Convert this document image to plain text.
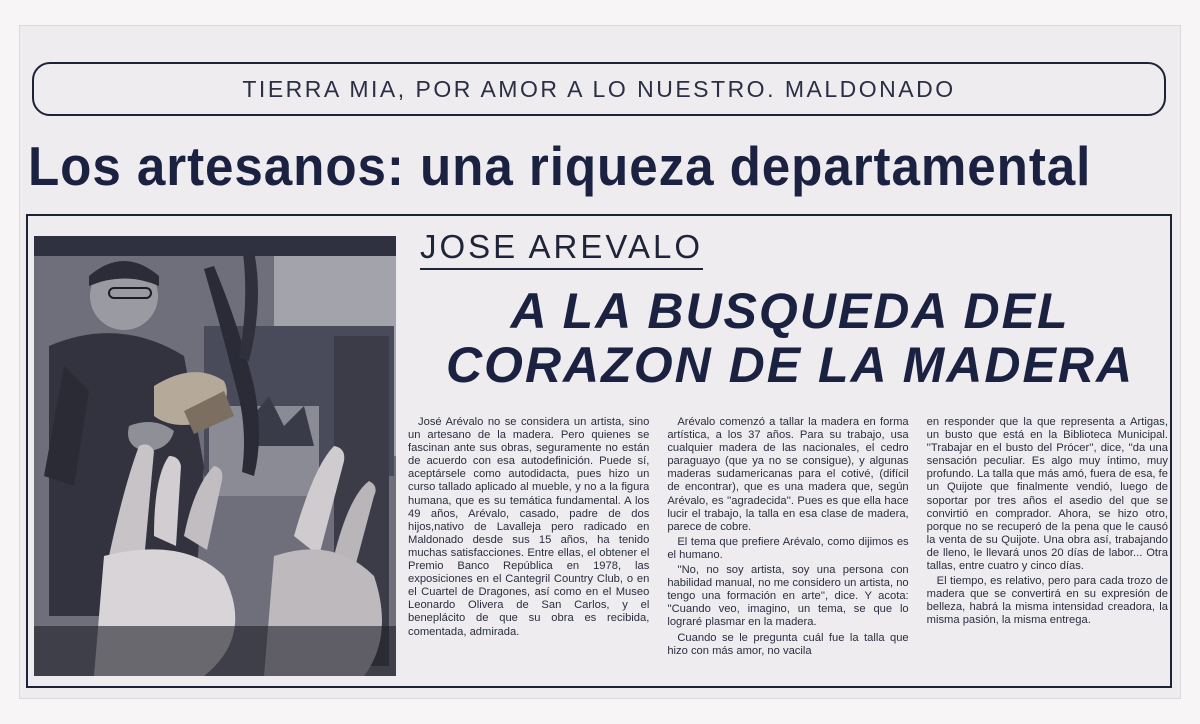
TIERRA MIA, POR AMOR A LO NUESTRO. MALDONADO
Los artesanos: una riqueza departamental
JOSE AREVALO
A LA BUSQUEDA DEL
CORAZON DE LA MADERA

José Arévalo no se considera un artista, sino un artesano de la madera. Pero quienes se fascinan ante sus obras, seguramente no están de acuerdo con esa autodefinición. Puede sí, aceptársele como autodidacta, pues hizo un curso tallado aplicado al mueble, y no a la figura humana, que es su temática fundamental. A los 49 años, Arévalo, casado, padre de dos hijos,nativo de Lavalleja pero radicado en Maldonado desde sus 15 años, ha tenido muchas satisfacciones. Entre ellas, el obtener el Premio Banco República en 1978, las exposiciones en el Cantegril Country Club, o en el Cuartel de Dragones, así como en el Museo Leonardo Olivera de San Carlos, y el beneplácito de que su obra es recibida, comentada, admirada.

Arévalo comenzó a tallar la madera en forma artística, a los 37 años. Para su trabajo, usa cualquier madera de las nacionales, el cedro paraguayo (que ya no se consigue), y algunas maderas sudamericanas para el cotivé, (difícil de encontrar), que es una madera que, según Arévalo, es ''agradecida''. Pues es que ella hace lucir el trabajo, la talla en esa clase de madera, parece de cobre.

El tema que prefiere Arévalo, como dijimos es el humano.

''No, no soy artista, soy una persona con habilidad manual, no me considero un artista, no tengo una formación en arte'', dice. Y acota: ''Cuando veo, imagino, un tema, se que lo lograré plasmar en la madera.

Cuando se le pregunta cuál fue la talla que hizo con más amor, no vacila

en responder que la que representa a Artigas, un busto que está en la Biblioteca Municipal. ''Trabajar en el busto del Prócer'', dice, ''da una sensación peculiar. Es algo muy íntimo, muy profundo. La talla que más amó, fuera de esa, fe un Quijote que finalmente vendió, luego de soportar por tres años el asedio del que se convirtió en comprador. Ahora, se hizo otro, porque no se recuperó de la pena que le causó la venta de su Quijote. Una obra así, trabajando de lleno, le llevará unos 20 días de labor... Otra tallas, entre cuatro y cinco días.

El tiempo, es relativo, pero para cada trozo de madera que se convertirá en su expresión de belleza, habrá la misma intensidad creadora, la misma pasión, la misma entrega.
